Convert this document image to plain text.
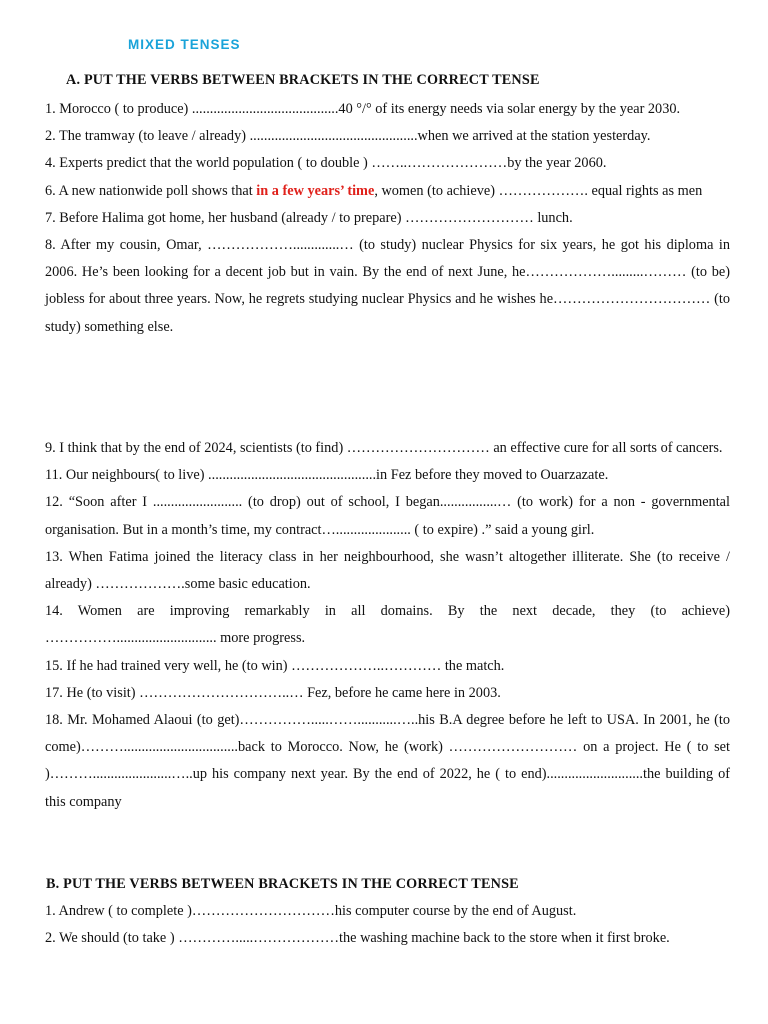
MIXED TENSES
A. PUT THE VERBS BETWEEN BRACKETS IN THE CORRECT TENSE

1. Morocco ( to produce) .........................................40 °/° of its energy needs via solar energy by the year 2030.

2. The tramway (to leave / already) ...............................................when we arrived at the station yesterday.

4. Experts predict that the world population ( to double ) ……..…………………by the year 2060.

6. A new nationwide poll shows that in a few years’ time, women (to achieve) ………………. equal rights as men

7. Before Halima got home, her husband (already / to prepare) ……………………… lunch.

8. After my cousin, Omar, ……………….............… (to study) nuclear Physics for six years, he got his diploma in 2006. He’s been looking for a decent job but in vain. By the end of next June, he……………….........……… (to be) jobless for about three years. Now, he regrets studying nuclear Physics and he wishes he…………………………… (to study) something else.

9. I think that by the end of 2024, scientists (to find) ………………………… an effective cure for all sorts of cancers.

11. Our neighbours( to live) ...............................................in Fez before they moved to Ouarzazate.

12. “Soon after I ......................... (to drop) out of school, I began................… (to work) for a non - governmental organisation. But in a month’s time, my contract…..................... ( to expire) .” said a young girl.

13. When Fatima joined the literacy class in her neighbourhood, she wasn’t altogether illiterate. She (to receive / already) ……………….some basic education.

14. Women are improving remarkably in all domains. By the next decade, they (to achieve) ……………............................ more progress.

15. If he had trained very well, he (to win) ………………..………… the match.

17. He (to visit) …………………………..… Fez, before he came here in 2003.

18. Mr. Mohamed Alaoui (to get)…………….....……...........…..his B.A degree before he left to USA. In 2001, he (to come)………................................back to Morocco. Now, he (work) ……………………… on a project. He ( to set )………......................…..up his company next year. By the end of 2022, he ( to end)...........................the building of this company

B. PUT THE VERBS BETWEEN BRACKETS IN THE CORRECT TENSE

1. Andrew ( to complete )…………………………his computer course by the end of August.

2. We should (to take ) ………….....………………the washing machine back to the store when it first broke.
